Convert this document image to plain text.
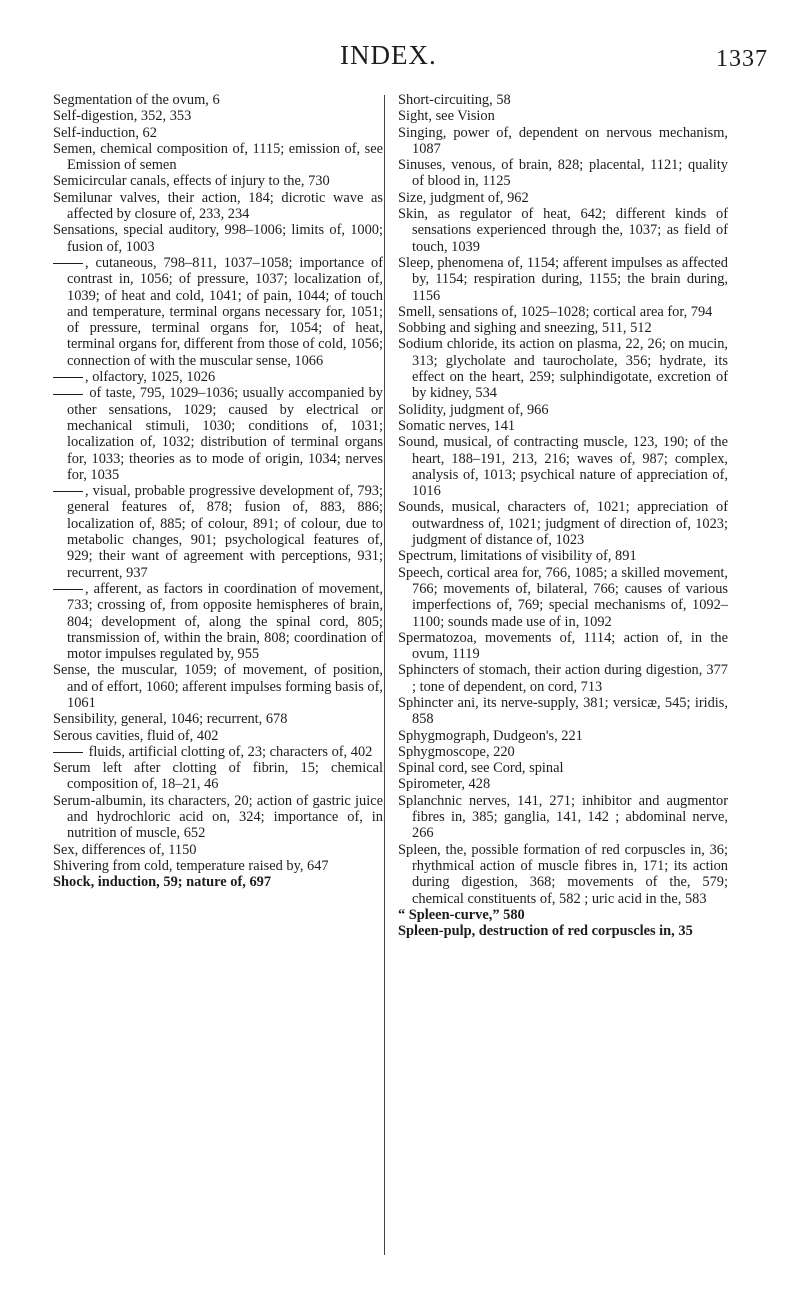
INDEX.	1337

Segmentation of the ovum, 6

Self-digestion, 352, 353

Self-induction, 62

Semen, chemical composition of, 1115; emission of, see Emission of semen

Semicircular canals, effects of injury to the, 730

Semilunar valves, their action, 184; dicrotic wave as affected by closure of, 233, 234

Sensations, special auditory, 998–1006; limits of, 1000; fusion of, 1003

, cutaneous, 798–811, 1037–1058; importance of contrast in, 1056; of pressure, 1037; localization of, 1039; of heat and cold, 1041; of pain, 1044; of touch and temperature, terminal organs necessary for, 1051; of pressure, terminal organs for, 1054; of heat, terminal organs for, different from those of cold, 1056; connection of with the muscular sense, 1066

, olfactory, 1025, 1026

of taste, 795, 1029–1036; usually accompanied by other sensations, 1029; caused by electrical or mechanical stimuli, 1030; conditions of, 1031; localization of, 1032; distribution of terminal organs for, 1033; theories as to mode of origin, 1034; nerves for, 1035

, visual, probable progressive development of, 793; general features of, 878; fusion of, 883, 886; localization of, 885; of colour, 891; of colour, due to metabolic changes, 901; psychological features of, 929; their want of agreement with perceptions, 931; recurrent, 937

, afferent, as factors in coordination of movement, 733; crossing of, from opposite hemispheres of brain, 804; development of, along the spinal cord, 805; transmission of, within the brain, 808; coordination of motor impulses regulated by, 955

Sense, the muscular, 1059; of movement, of position, and of effort, 1060; afferent impulses forming basis of, 1061

Sensibility, general, 1046; recurrent, 678

Serous cavities, fluid of, 402

fluids, artificial clotting of, 23; characters of, 402

Serum left after clotting of fibrin, 15; chemical composition of, 18–21, 46

Serum-albumin, its characters, 20; action of gastric juice and hydrochloric acid on, 324; importance of, in nutrition of muscle, 652

Sex, differences of, 1150

Shivering from cold, temperature raised by, 647

Shock, induction, 59; nature of, 697

Short-circuiting, 58

Sight, see Vision

Singing, power of, dependent on nervous mechanism, 1087

Sinuses, venous, of brain, 828; placental, 1121; quality of blood in, 1125

Size, judgment of, 962

Skin, as regulator of heat, 642; different kinds of sensations experienced through the, 1037; as field of touch, 1039

Sleep, phenomena of, 1154; afferent impulses as affected by, 1154; respiration during, 1155; the brain during, 1156

Smell, sensations of, 1025–1028; cortical area for, 794

Sobbing and sighing and sneezing, 511, 512

Sodium chloride, its action on plasma, 22, 26; on mucin, 313; glycholate and taurocholate, 356; hydrate, its effect on the heart, 259; sulphindigotate, excretion of by kidney, 534

Solidity, judgment of, 966

Somatic nerves, 141

Sound, musical, of contracting muscle, 123, 190; of the heart, 188–191, 213, 216; waves of, 987; complex, analysis of, 1013; psychical nature of appreciation of, 1016

Sounds, musical, characters of, 1021; appreciation of outwardness of, 1021; judgment of direction of, 1023; judgment of distance of, 1023

Spectrum, limitations of visibility of, 891

Speech, cortical area for, 766, 1085; a skilled movement, 766; movements of, bilateral, 766; causes of various imperfections of, 769; special mechanisms of, 1092–1100; sounds made use of in, 1092

Spermatozoa, movements of, 1114; action of, in the ovum, 1119

Sphincters of stomach, their action during digestion, 377 ; tone of dependent, on cord, 713

Sphincter ani, its nerve-supply, 381; versicæ, 545; iridis, 858

Sphygmograph, Dudgeon's, 221

Sphygmoscope, 220

Spinal cord, see Cord, spinal

Spirometer, 428

Splanchnic nerves, 141, 271; inhibitor and augmentor fibres in, 385; ganglia, 141, 142 ; abdominal nerve, 266

Spleen, the, possible formation of red corpuscles in, 36; rhythmical action of muscle fibres in, 171; its action during digestion, 368; movements of the, 579; chemical constituents of, 582 ; uric acid in the, 583

“ Spleen-curve,” 580

Spleen-pulp, destruction of red corpuscles in, 35
